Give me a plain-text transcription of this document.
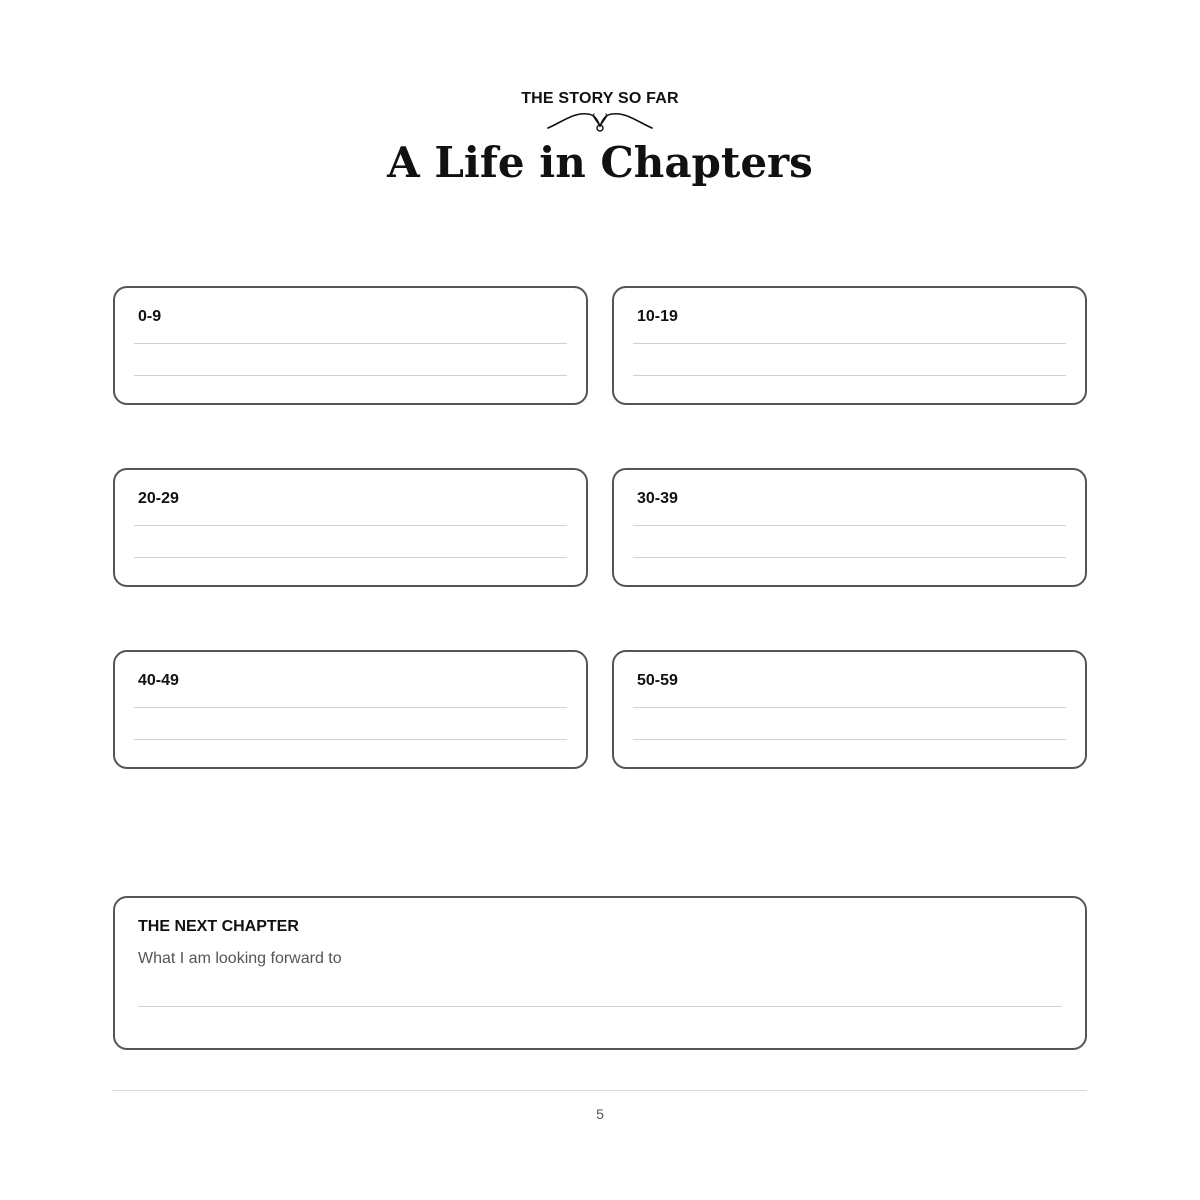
THE STORY SO FAR
A Life in Chapters
0-9	10-19
20-29	30-39
40-49	50-59
THE NEXT CHAPTER
What I am looking forward to
5
